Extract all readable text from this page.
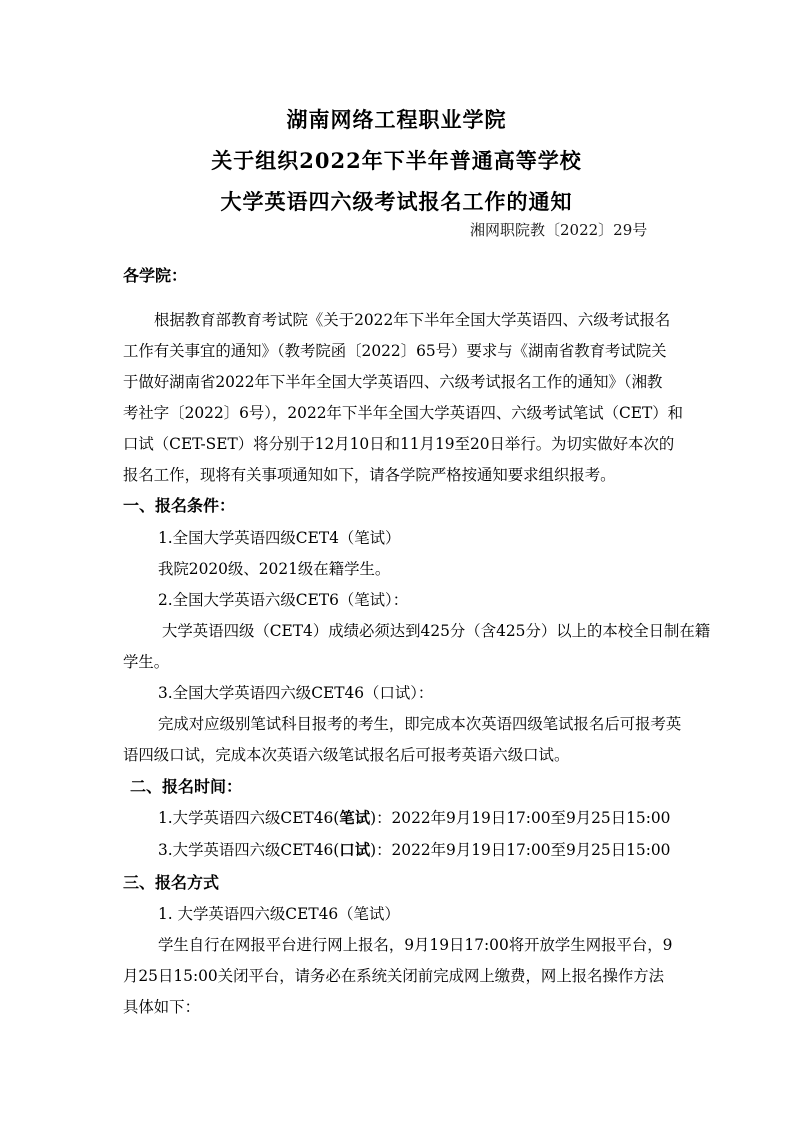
湖南网络工程职业学院
关于组织2022年下半年普通高等学校
大学英语四六级考试报名工作的通知
湘网职院教〔2022〕29号
各学院：
根据教育部教育考试院《关于2022年下半年全国大学英语四、六级考试报名
工作有关事宜的通知》（教考院函〔2022〕65号）要求与《湖南省教育考试院关
于做好湖南省2022年下半年全国大学英语四、六级考试报名工作的通知》（湘教
考社字〔2022〕6号），2022年下半年全国大学英语四、六级考试笔试（CET）和
口试（CET-SET）将分别于12月10日和11月19至20日举行。为切实做好本次的
报名工作，现将有关事项通知如下，请各学院严格按通知要求组织报考。
一、报名条件：
1.全国大学英语四级CET4（笔试）
我院2020级、2021级在籍学生。
2.全国大学英语六级CET6（笔试）：
大学英语四级（CET4）成绩必须达到425分（含425分）以上的本校全日制在籍
学生。
3.全国大学英语四六级CET46（口试）：
完成对应级别笔试科目报考的考生，即完成本次英语四级笔试报名后可报考英
语四级口试，完成本次英语六级笔试报名后可报考英语六级口试。
二、报名时间：
1.大学英语四六级CET46(笔试)：2022年9月19日17:00至9月25日15:00
3.大学英语四六级CET46(口试)：2022年9月19日17:00至9月25日15:00
三、报名方式
1. 大学英语四六级CET46（笔试）
学生自行在网报平台进行网上报名，9月19日17:00将开放学生网报平台，9
月25日15:00关闭平台，请务必在系统关闭前完成网上缴费，网上报名操作方法
具体如下：
